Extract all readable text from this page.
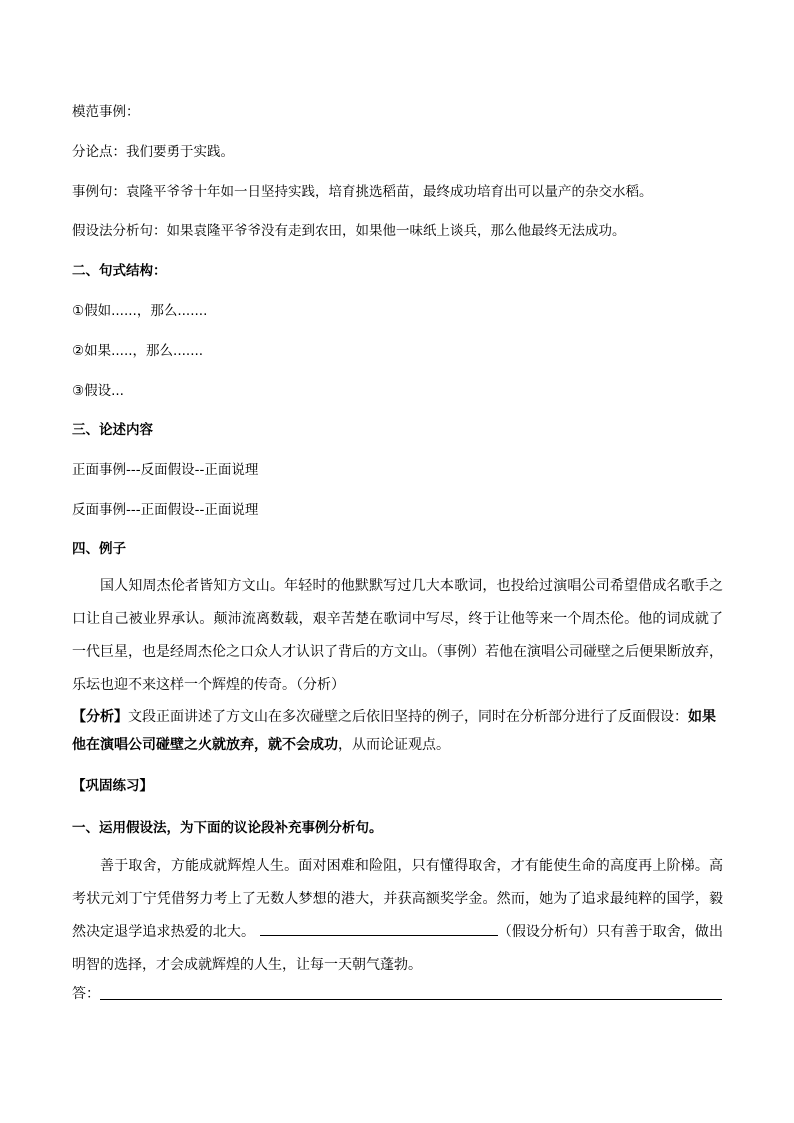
模范事例：
分论点：我们要勇于实践。
事例句：袁隆平爷爷十年如一日坚持实践，培育挑选稻苗，最终成功培育出可以量产的杂交水稻。
假设法分析句：如果袁隆平爷爷没有走到农田，如果他一味纸上谈兵，那么他最终无法成功。
二、句式结构：
①假如......，那么.......
②如果.....，那么.......
③假设...
三、论述内容
正面事例---反面假设--正面说理
反面事例---正面假设--正面说理
四、例子
国人知周杰伦者皆知方文山。年轻时的他默默写过几大本歌词，也投给过演唱公司希望借成名歌手之口让自己被业界承认。颠沛流离数载，艰辛苦楚在歌词中写尽，终于让他等来一个周杰伦。他的词成就了一代巨星，也是经周杰伦之口众人才认识了背后的方文山。（事例）若他在演唱公司碰壁之后便果断放弃，乐坛也迎不来这样一个辉煌的传奇。（分析）
【分析】文段正面讲述了方文山在多次碰壁之后依旧坚持的例子，同时在分析部分进行了反面假设：如果他在演唱公司碰壁之火就放弃，就不会成功，从而论证观点。
【巩固练习】
一、运用假设法，为下面的议论段补充事例分析句。
善于取舍，方能成就辉煌人生。面对困难和险阻，只有懂得取舍，才有能使生命的高度再上阶梯。高考状元刘丁宁凭借努力考上了无数人梦想的港大，并获高额奖学金。然而，她为了追求最纯粹的国学，毅然决定退学追求热爱的北大。	（假设分析句）只有善于取舍，做出明智的选择，才会成就辉煌的人生，让每一天朝气蓬勃。
答：
